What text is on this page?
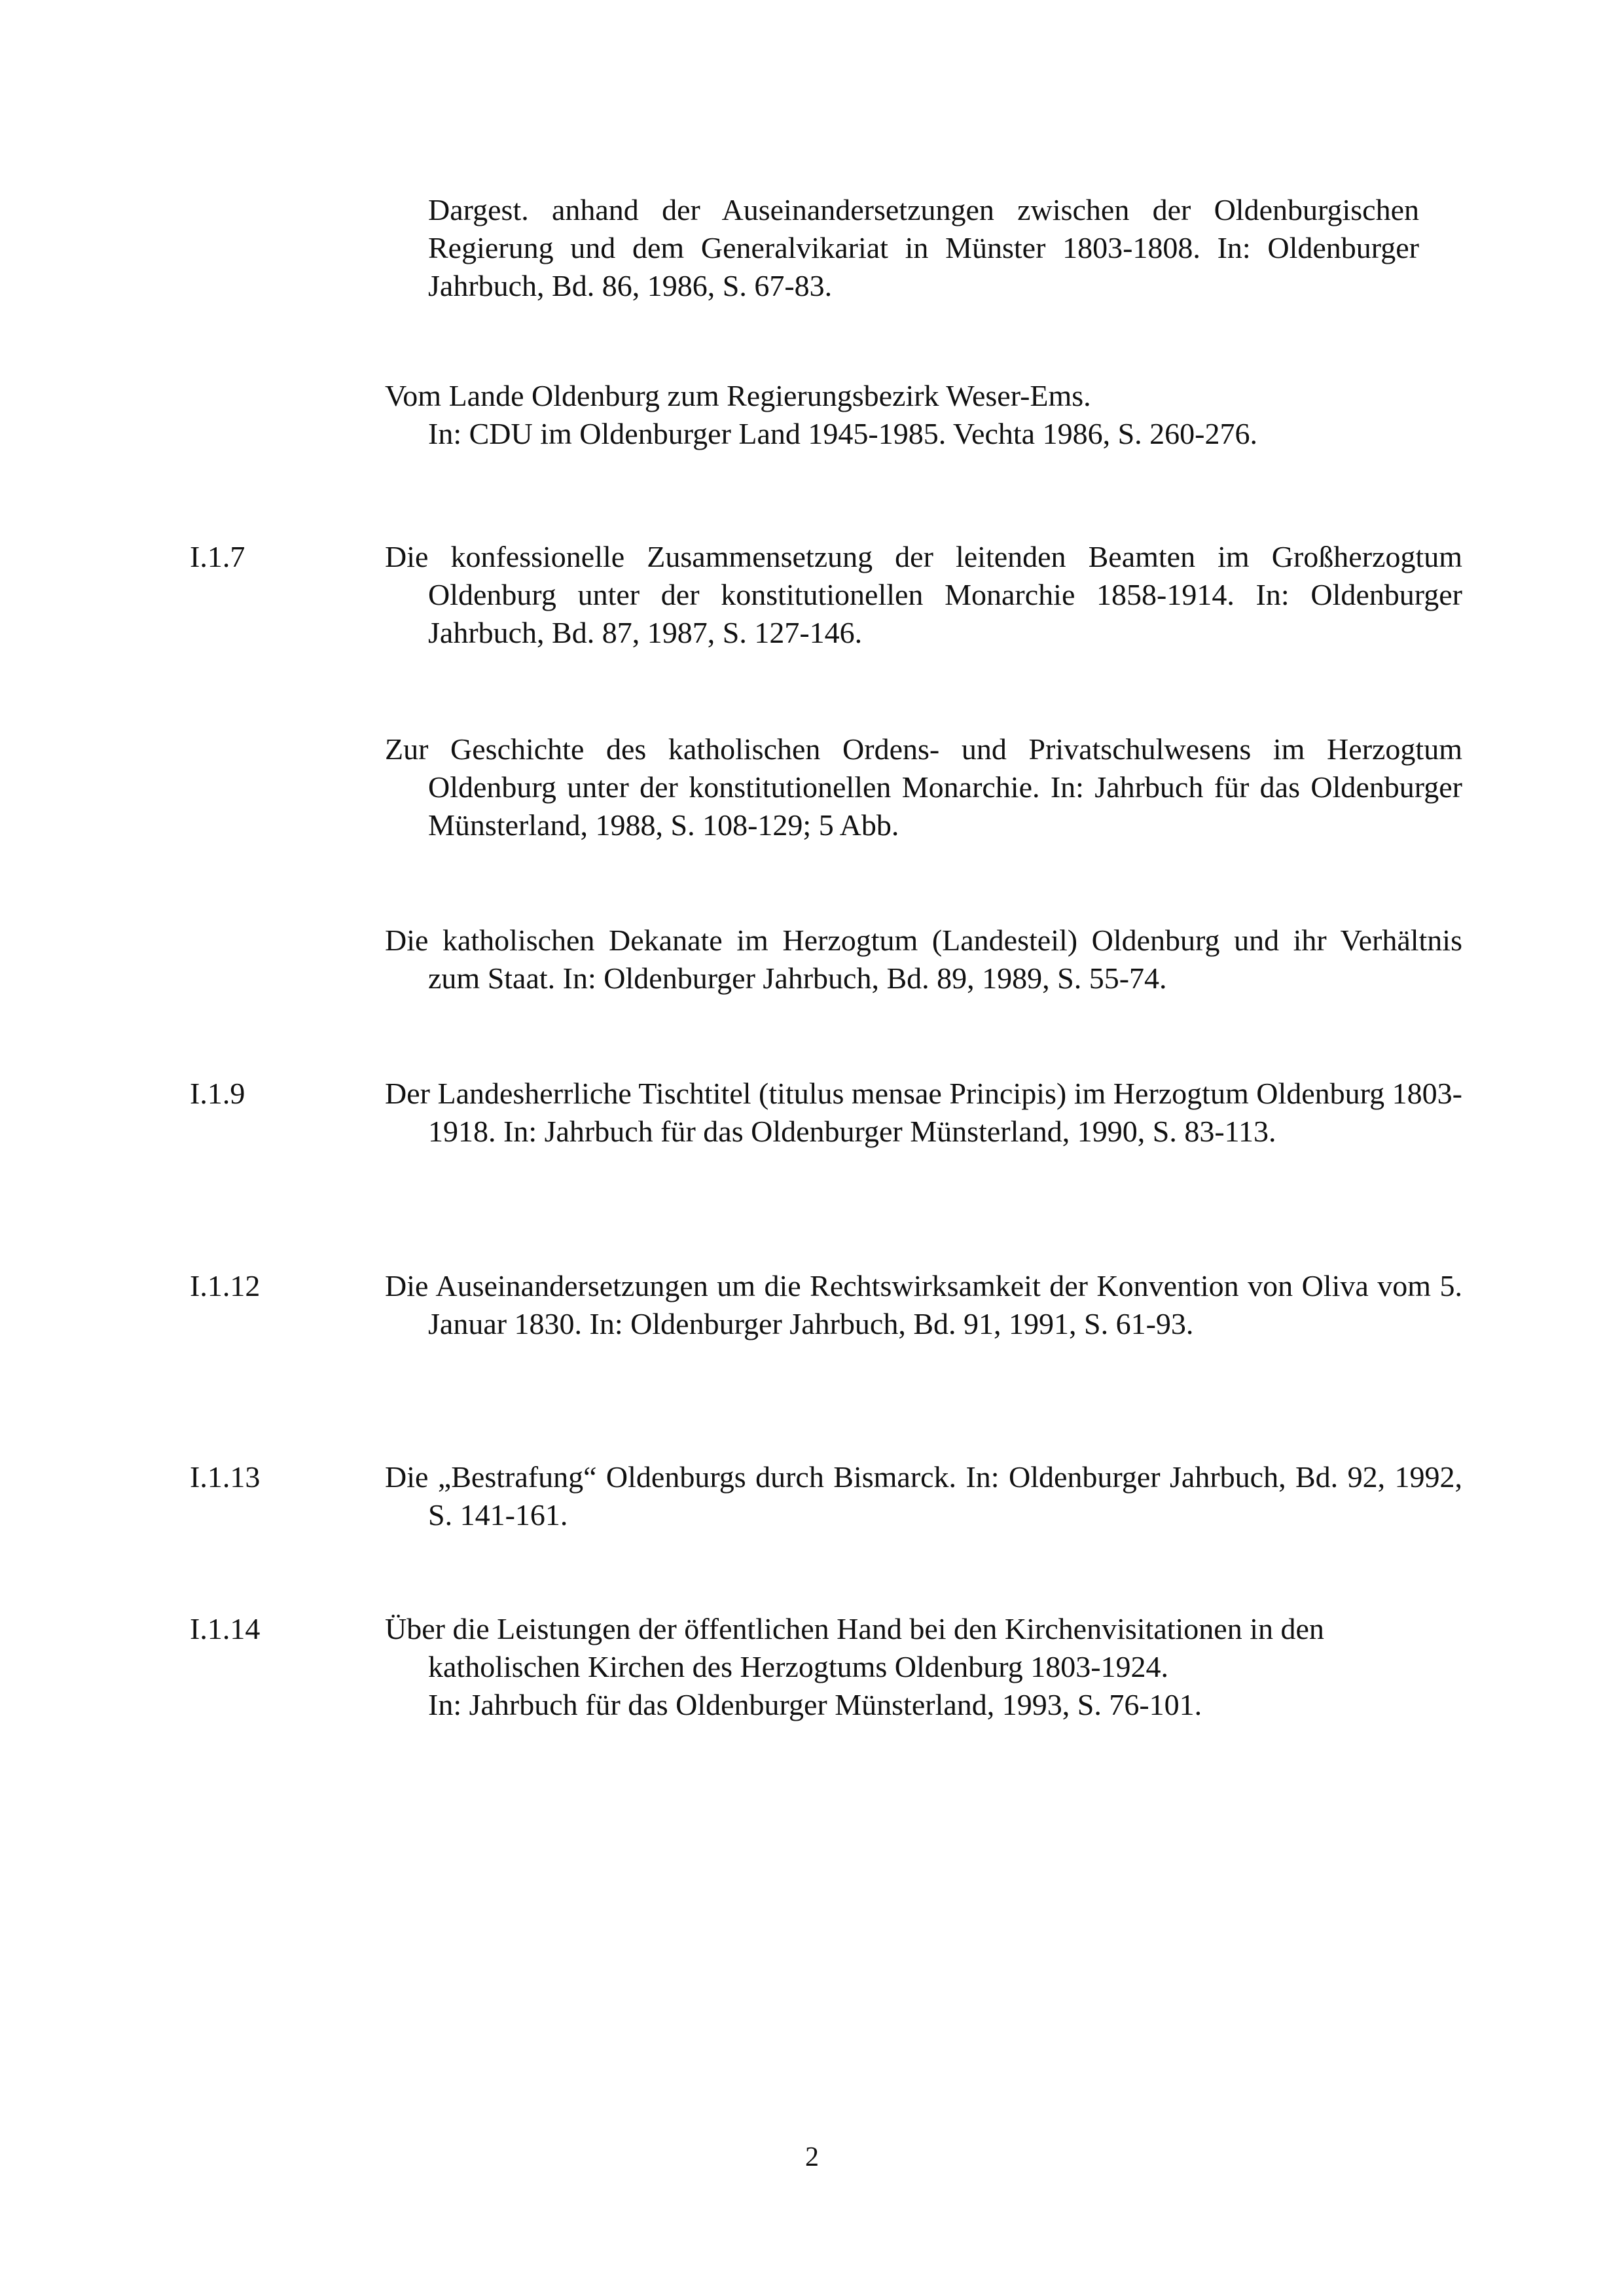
Dargest. anhand der Auseinandersetzungen zwischen der Oldenburgischen Regierung und dem Generalvikariat in Münster 1803-1808. In: Oldenburger Jahrbuch, Bd. 86, 1986, S. 67-83.
Vom Lande Oldenburg zum Regierungsbezirk Weser-Ems.
In: CDU im Oldenburger Land 1945-1985. Vechta 1986, S. 260-276.
I.1.7	Die konfessionelle Zusammensetzung der leitenden Beamten im Großherzogtum Oldenburg unter der konstitutionellen Monarchie 1858-1914. In: Oldenburger Jahrbuch, Bd. 87, 1987, S. 127-146.
Zur Geschichte des katholischen Ordens- und Privatschulwesens im Herzogtum Oldenburg unter der konstitutionellen Monarchie. In: Jahrbuch für das Oldenburger Münsterland, 1988, S. 108-129; 5 Abb.
Die katholischen Dekanate im Herzogtum (Landesteil) Oldenburg und ihr Verhältnis zum Staat. In: Oldenburger Jahrbuch, Bd. 89, 1989, S. 55-74.
I.1.9	Der Landesherrliche Tischtitel (titulus mensae Principis) im Herzogtum Oldenburg 1803-1918. In: Jahrbuch für das Oldenburger Münsterland, 1990, S. 83-113.
I.1.12	Die Auseinandersetzungen um die Rechtswirksamkeit der Konvention von Oliva vom 5. Januar 1830. In: Oldenburger Jahrbuch, Bd. 91, 1991, S. 61-93.
I.1.13	Die „Bestrafung“ Oldenburgs durch Bismarck. In: Oldenburger Jahrbuch, Bd. 92, 1992, S. 141-161.
I.1.14	Über die Leistungen der öffentlichen Hand bei den Kirchenvisitationen in den katholischen Kirchen des Herzogtums Oldenburg 1803-1924.
In: Jahrbuch für das Oldenburger Münsterland, 1993, S. 76-101.
2
